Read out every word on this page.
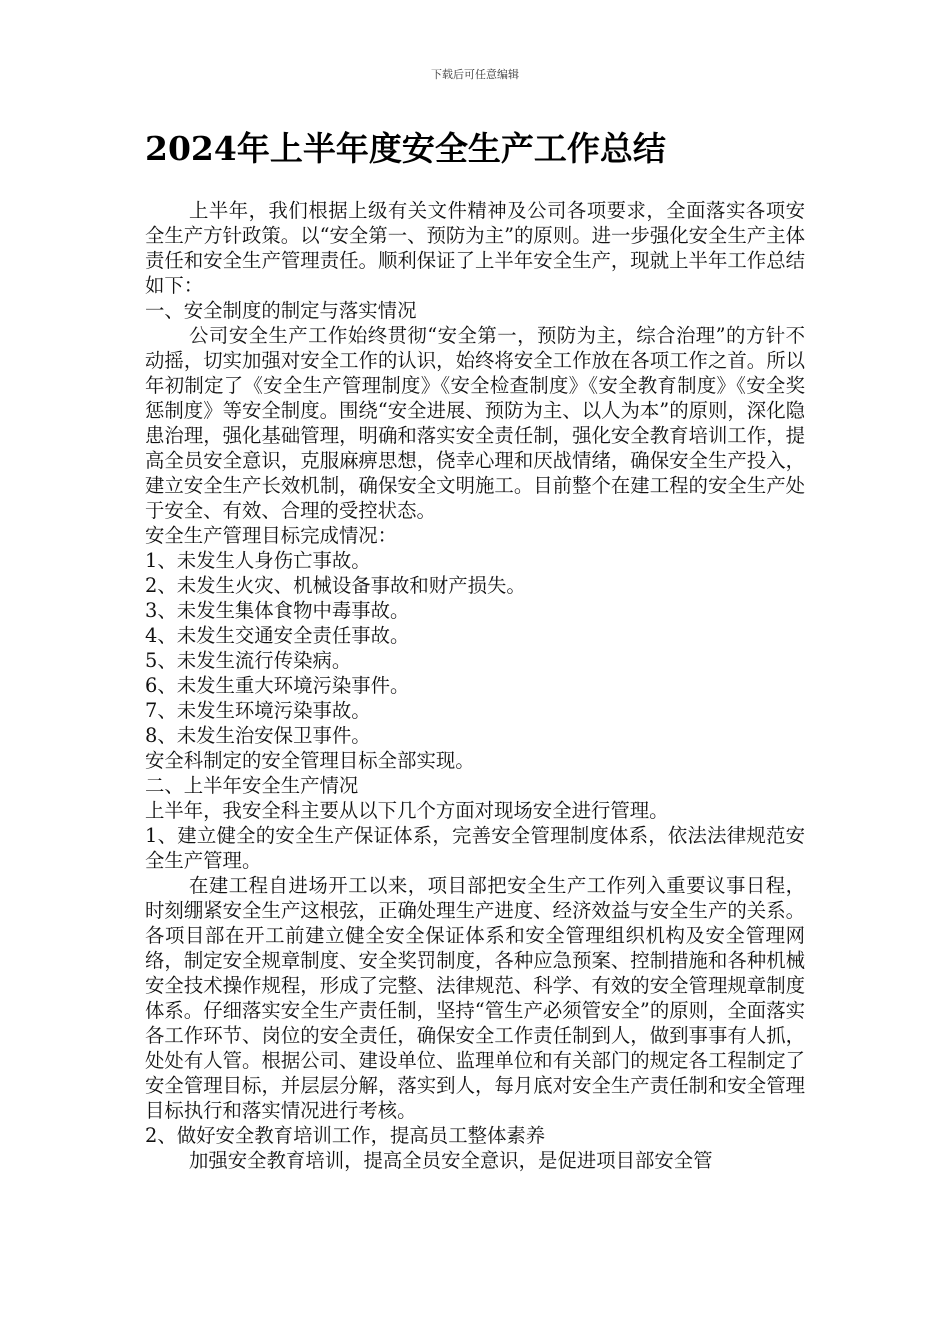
下载后可任意编辑
2024年上半年度安全生产工作总结

上半年，我们根据上级有关文件精神及公司各项要求，全面落实各项安全生产方针政策。以“安全第一、预防为主”的原则。进一步强化安全生产主体责任和安全生产管理责任。顺利保证了上半年安全生产，现就上半年工作总结如下：

一、安全制度的制定与落实情况

公司安全生产工作始终贯彻“安全第一，预防为主，综合治理”的方针不动摇，切实加强对安全工作的认识，始终将安全工作放在各项工作之首。所以年初制定了《安全生产管理制度》《安全检查制度》《安全教育制度》《安全奖惩制度》等安全制度。围绕“安全进展、预防为主、以人为本”的原则，深化隐患治理，强化基础管理，明确和落实安全责任制，强化安全教育培训工作，提高全员安全意识，克服麻痹思想，侥幸心理和厌战情绪，确保安全生产投入，建立安全生产长效机制，确保安全文明施工。目前整个在建工程的安全生产处于安全、有效、合理的受控状态。

安全生产管理目标完成情况：

1、未发生人身伤亡事故。

2、未发生火灾、机械设备事故和财产损失。

3、未发生集体食物中毒事故。

4、未发生交通安全责任事故。

5、未发生流行传染病。

6、未发生重大环境污染事件。

7、未发生环境污染事故。

8、未发生治安保卫事件。

安全科制定的安全管理目标全部实现。

二、上半年安全生产情况

上半年，我安全科主要从以下几个方面对现场安全进行管理。

1、建立健全的安全生产保证体系，完善安全管理制度体系，依法法律规范安全生产管理。

在建工程自进场开工以来，项目部把安全生产工作列入重要议事日程，时刻绷紧安全生产这根弦，正确处理生产进度、经济效益与安全生产的关系。各项目部在开工前建立健全安全保证体系和安全管理组织机构及安全管理网络，制定安全规章制度、安全奖罚制度，各种应急预案、控制措施和各种机械安全技术操作规程，形成了完整、法律规范、科学、有效的安全管理规章制度体系。仔细落实安全生产责任制，坚持“管生产必须管安全”的原则，全面落实各工作环节、岗位的安全责任，确保安全工作责任制到人，做到事事有人抓，处处有人管。根据公司、建设单位、监理单位和有关部门的规定各工程制定了安全管理目标，并层层分解，落实到人，每月底对安全生产责任制和安全管理目标执行和落实情况进行考核。

2、做好安全教育培训工作，提高员工整体素养

加强安全教育培训，提高全员安全意识，是促进项目部安全管
